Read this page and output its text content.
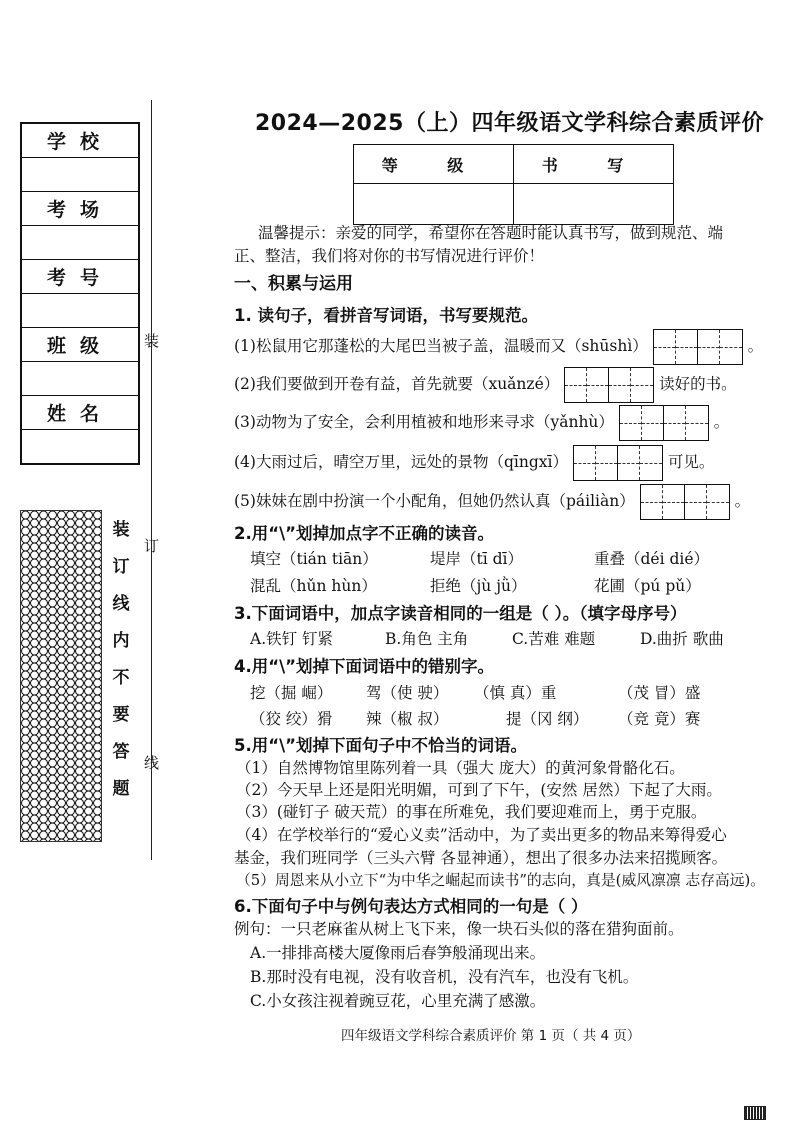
学校

考场

考号

班级

姓名

装
订
线
装
订
线
内
不
要
答
题
2024—2025（上）四年级语文学科综合素质评价
等 级	书 写

温馨提示：亲爱的同学，希望你在答题时能认真书写，做到规范、端
正、整洁，我们将对你的书写情况进行评价！
一、积累与运用
1. 读句子，看拼音写词语，书写要规范。
(1)松鼠用它那蓬松的大尾巴当被子盖，温暖而又（shūshì）	。
(2)我们要做到开卷有益，首先就要（xuǎnzé）	读好的书。
(3)动物为了安全，会利用植被和地形来寻求（yǎnhù）	。
(4)大雨过后，晴空万里，远处的景物（qīngxī）	可见。
(5)妹妹在剧中扮演一个小配角，但她仍然认真（páiliàn）	。
2.用“\”划掉加点字不正确的读音。
填空（tián tiān）	堤岸（tī dī）	重叠（déi dié）
混乱（hǔn hùn）	拒绝（jù jǜ）	花圃（pú pǔ）
3.下面词语中，加点字读音相同的一组是（ ）。（填字母序号）
A.铁钉 钉紧	B.角色 主角	C.苦难 难题	D.曲折 歌曲
4.用“\”划掉下面词语中的错别字。
挖（掘 崛） 驾（使 驶） （慎 真）重	（茂 冒）盛
（狡 绞）猾 辣（椒 叔）	提（冈 纲） （竞 竟）赛
5.用“\”划掉下面句子中不恰当的词语。
（1）自然博物馆里陈列着一具（强大 庞大）的黄河象骨骼化石。
（2）今天早上还是阳光明媚，可到了下午，(安然 居然）下起了大雨。
（3）(碰钉子 破天荒）的事在所难免，我们要迎难而上，勇于克服。
（4）在学校举行的“爱心义卖”活动中，为了卖出更多的物品来筹得爱心
基金，我们班同学（三头六臂 各显神通），想出了很多办法来招揽顾客。
（5）周恩来从小立下“为中华之崛起而读书”的志向，真是(威风凛凛 志存高远)。
6.下面句子中与例句表达方式相同的一句是（ ）
例句：一只老麻雀从树上飞下来，像一块石头似的落在猎狗面前。
A.一排排高楼大厦像雨后春笋般涌现出来。
B.那时没有电视，没有收音机，没有汽车，也没有飞机。
C.小女孩注视着豌豆花，心里充满了感激。
四年级语文学科综合素质评价 第 1 页（ 共 4 页）
